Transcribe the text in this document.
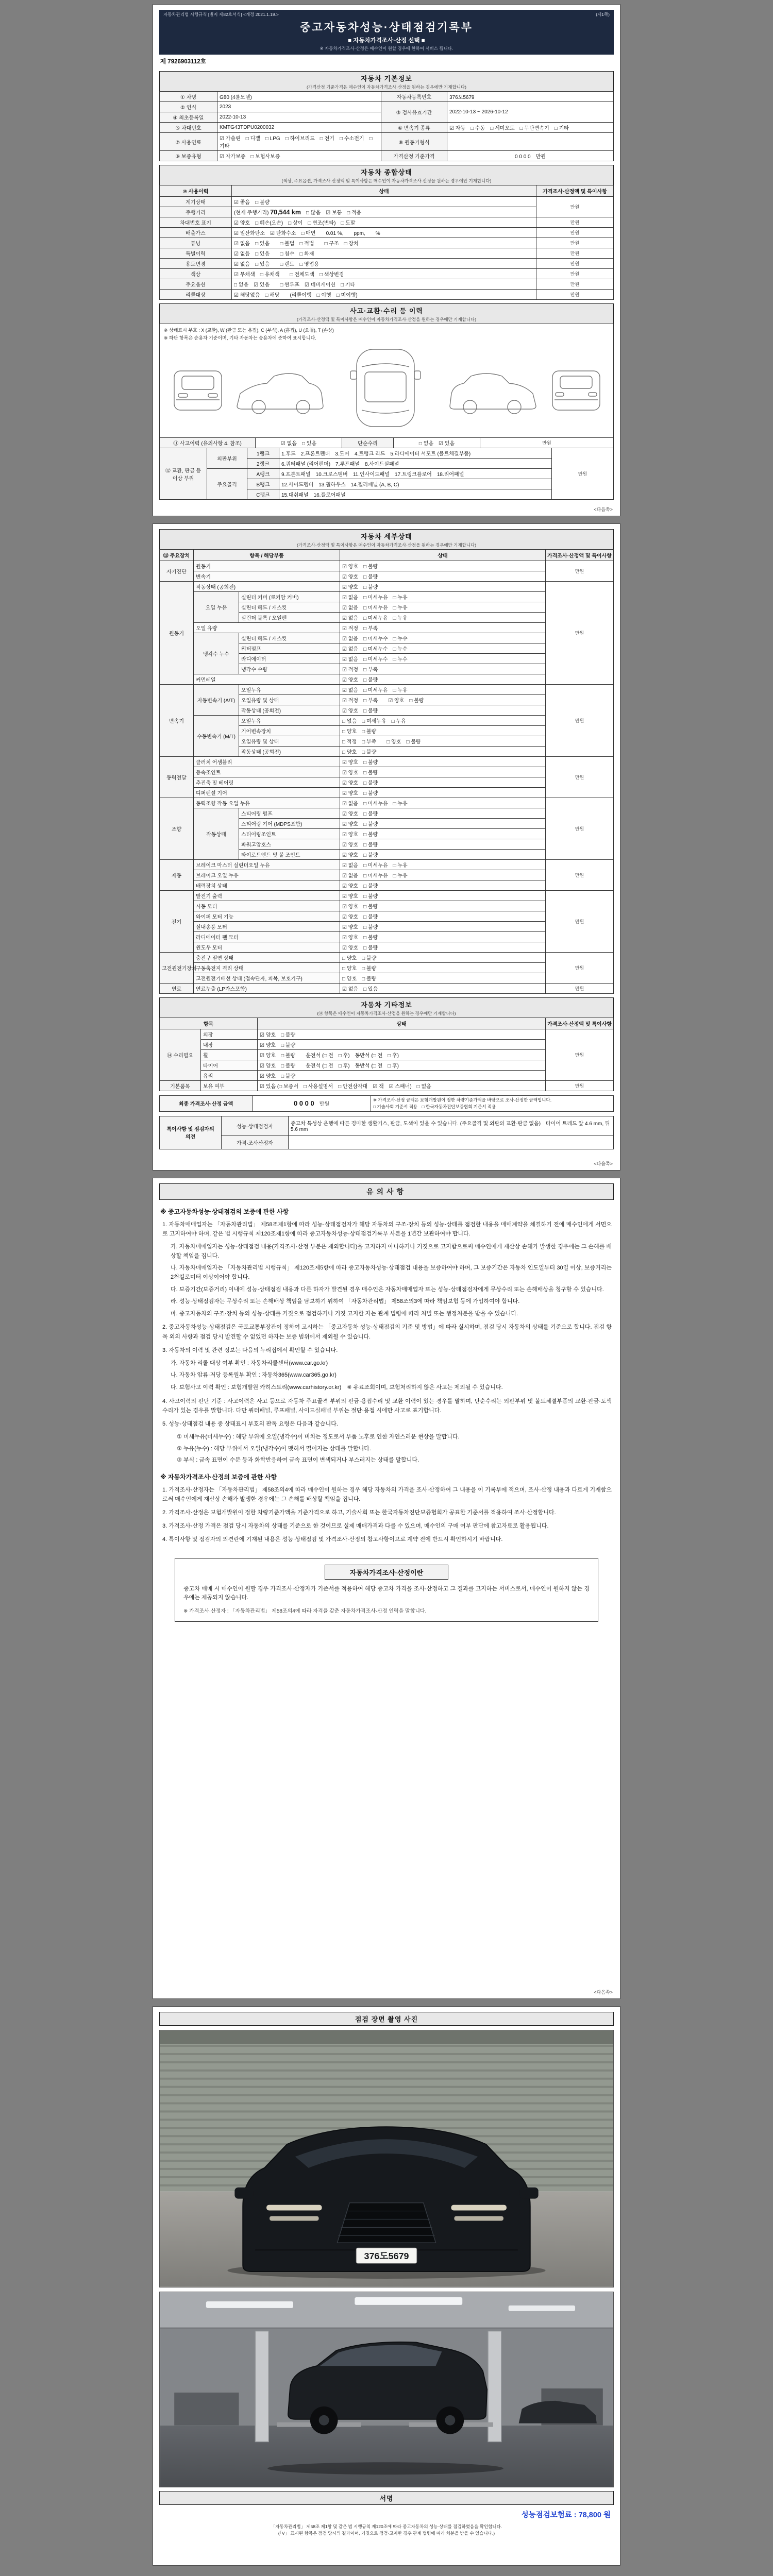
자동차관리법 시행규칙 [별지 제82호서식] <개정 2021.1.19.>	(제1쪽)
중고자동차성능·상태점검기록부
■ 자동차가격조사·산정 선택 ■
※ 자동차가격조사·산정은 매수인이 원할 경우에 한하여 서비스 됩니다.
제 7926903112호
자동차 기본정보
(가격산정 기준가격은 매수인이 자동차가격조사·산정을 원하는 경우에만 기재합니다)
① 차명	G80 (4륜모델)	자동차등록번호	376도5679
② 연식	2023	③ 검사유효기간	2022-10-13 ~ 2026-10-12
④ 최초등록일	2022-10-13		
⑤ 차대번호	KMTG43TDPU0200032	⑥ 변속기 종류	☑ 자동　□ 수동　□ 세미오토　□ 무단변속기　□ 기타
⑦ 사용연료	☑ 가솔린　□ 디젤　□ LPG　□ 하이브리드　□ 전기　□ 수소전기　□ 기타	⑧ 원동기형식	
⑨ 보증유형	☑ 자가보증　□ 보험사보증	가격산정 기준가격	0 0 0 0　 만원
자동차 종합상태
(색상, 주요옵션, 가격조사·산정액 및 특이사항은 매수인이 자동차가격조사·산정을 원하는 경우에만 기재합니다)
⑩ 사용이력	상태	가격조사·산정액 및 특이사항
계기상태	☑ 좋음　□ 불량	만원
주행거리	(현재 주행거리) 70,544 km　 □ 많음　☑ 보통　□ 적음	
차대번호 표기	☑ 양호　□ 훼손(오손)　□ 상이　□ 변조(변타)　□ 도말	만원
배출가스	☑ 일산화탄소　☑ 탄화수소　□ 매연　　0.01 %,　　ppm,　　%	만원
튜닝	☑ 없음　□ 있음　　□ 불법　□ 적법　　□ 구조　□ 장치	만원
특별이력	☑ 없음　□ 있음　　□ 침수　□ 화재	만원
용도변경	☑ 없음　□ 있음　　□ 렌트　□ 영업용	만원
색상	☑ 무채색　□ 유채색　　□ 전체도색　□ 색상변경	만원
주요옵션	□ 없음　☑ 있음　　□ 썬루프　☑ 네비게이션　□ 기타	만원
리콜대상	☑ 해당없음　□ 해당　　(리콜이행　□ 이행　□ 미이행)	만원
사고·교환·수리 등 이력
(가격조사·산정액 및 특이사항은 매수인이 자동차가격조사·산정을 원하는 경우에만 기재합니다)

※ 상태표시 부호 : X (교환), W (판금 또는 용접), C (부식), A (흠집), U (요철), T (손상)

※ 하단 항목은 승용차 기준이며, 기타 자동차는 승용차에 준하여 표시합니다.

⑪ 사고이력 (유의사항 4. 참조)	☑ 없음　□ 있음	단순수리	□ 없음　☑ 있음	만원
⑫ 교환, 판금 등 이상 부위	외판부위	1랭크	1.후드　2.프론트펜더　3.도어　4.트렁크 리드　5.라디에이터 서포트 (볼트체결부품)	만원
		2랭크	6.쿼터패널 (리어펜더)　7.루프패널　8.사이드실패널	
	주요골격	A랭크	9.프론트패널　10.크로스멤버　11.인사이드패널　17.트렁크플로어　18.리어패널	
		B랭크	12.사이드멤버　13.휠하우스　14.필러패널 (A, B, C)	
		C랭크	15.대쉬패널　16.플로어패널	
<다음쪽>
자동차 세부상태
(가격조사·산정액 및 특이사항은 매수인이 자동차가격조사·산정을 원하는 경우에만 기재합니다)
⑬ 주요장치	항목 / 해당부품		상태	가격조사·산정액 및 특이사항
자기진단	원동기		☑ 양호　□ 불량	만원
	변속기		☑ 양호　□ 불량	
원동기	작동상태 (공회전)		☑ 양호　□ 불량	만원
	오일 누유	실린더 커버 (로커암 커버)	☑ 없음　□ 미세누유　□ 누유	
		실린더 헤드 / 개스킷	☑ 없음　□ 미세누유　□ 누유	
		실린더 블록 / 오일팬	☑ 없음　□ 미세누유　□ 누유	
	오일 유량		☑ 적정　□ 부족	
	냉각수 누수	실린더 헤드 / 개스킷	☑ 없음　□ 미세누수　□ 누수	
		워터펌프	☑ 없음　□ 미세누수　□ 누수	
		라디에이터	☑ 없음　□ 미세누수　□ 누수	
		냉각수 수량	☑ 적정　□ 부족	
	커먼레일		☑ 양호　□ 불량	
변속기	자동변속기 (A/T)	오일누유	☑ 없음　□ 미세누유　□ 누유	만원
		오일유량 및 상태	☑ 적정　□ 부족　　☑ 양호　□ 불량	
		작동상태 (공회전)	☑ 양호　□ 불량	
	수동변속기 (M/T)	오일누유	□ 없음　□ 미세누유　□ 누유	
		기어변속장치	□ 양호　□ 불량	
		오일유량 및 상태	□ 적정　□ 부족　　□ 양호　□ 불량	
		작동상태 (공회전)	□ 양호　□ 불량	
동력전달	클러치 어셈블리		☑ 양호　□ 불량	만원
	등속조인트		☑ 양호　□ 불량	
	추진축 및 베어링		☑ 양호　□ 불량	
	디퍼렌셜 기어		☑ 양호　□ 불량	
조향	동력조향 작동 오일 누유		☑ 없음　□ 미세누유　□ 누유	만원
	작동상태	스티어링 펌프	☑ 양호　□ 불량	
		스티어링 기어 (MDPS포함)	☑ 양호　□ 불량	
		스티어링조인트	☑ 양호　□ 불량	
		파워고압호스	☑ 양호　□ 불량	
		타이로드엔드 및 볼 조인트	☑ 양호　□ 불량	
제동	브레이크 마스터 실린더오일 누유		☑ 없음　□ 미세누유　□ 누유	만원
	브레이크 오일 누유		☑ 없음　□ 미세누유　□ 누유	
	배력장치 상태		☑ 양호　□ 불량	
전기	발전기 출력		☑ 양호　□ 불량	만원
	시동 모터		☑ 양호　□ 불량	
	와이퍼 모터 기능		☑ 양호　□ 불량	
	실내송풍 모터		☑ 양호　□ 불량	
	라디에이터 팬 모터		☑ 양호　□ 불량	
	윈도우 모터		☑ 양호　□ 불량	
고전원전기장치	충전구 절연 상태		□ 양호　□ 불량	만원
	구동축전지 격리 상태		□ 양호　□ 불량	
	고전원전기배선 상태 (접속단자, 피복, 보호기구)		□ 양호　□ 불량	
연료	연료누출 (LP가스포함)		☑ 없음　□ 있음	만원
자동차 기타정보
(⑭ 항목은 매수인이 자동차가격조사·산정을 원하는 경우에만 기재합니다)
항목		상태	가격조사·산정액 및 특이사항
⑭ 수리필요	외장	☑ 양호　□ 불량	만원
	내장	☑ 양호　□ 불량	
	휠	☑ 양호　□ 불량　　운전석 (□ 전　□ 후)　동반석 (□ 전　□ 후)	
	타이어	☑ 양호　□ 불량　　운전석 (□ 전　□ 후)　동반석 (□ 전　□ 후)	
	유리	☑ 양호　□ 불량	
기본품목	보유 여부	☑ 있음 (□ 보증서　□ 사용설명서　□ 안전삼각대　☑ 잭　☑ 스패너)　□ 없음	만원
최종 가격조사·산정 금액	0 0 0 0　 만원	
※ 가격조사·산정 금액은 보험개발원이 정한 차량기준가액을 바탕으로 조사·산정한 금액입니다.
□ 기술사회 기준서 적용　□ 한국자동차진단보증협회 기준서 적용
특이사항 및 점검자의 의견	성능·상태점검자	중고차 특성상 운행에 따른 경미한 생활기스, 판금, 도색이 있을 수 있습니다. (주요골격 및 외판의 교환·판금 없음)　타이어 트레드 앞 4.6 mm, 뒤 5.6 mm
	가격·조사산정자	
<다음쪽>
유의사항

※ 중고자동차성능·상태점검의 보증에 관한 사항

1. 자동차매매업자는 「자동차관리법」 제58조제1항에 따라 성능·상태점검자가 해당 자동차의 구조·장치 등의 성능·상태를 점검한 내용을 매매계약을 체결하기 전에 매수인에게 서면으로 고지하여야 하며, 같은 법 시행규칙 제120조제1항에 따라 중고자동차성능·상태점검기록부 사본을 1년간 보관하여야 합니다.

가. 자동차매매업자는 성능·상태점검 내용(가격조사·산정 부분은 제외합니다)을 고지하지 아니하거나 거짓으로 고지함으로써 매수인에게 재산상 손해가 발생한 경우에는 그 손해를 배상할 책임을 집니다.

나. 자동차매매업자는 「자동차관리법 시행규칙」 제120조제5항에 따라 중고자동차성능·상태점검 내용을 보증하여야 하며, 그 보증기간은 자동차 인도일부터 30일 이상, 보증거리는 2천킬로미터 이상이어야 합니다.

다. 보증기간(보증거리) 이내에 성능·상태점검 내용과 다른 하자가 발견된 경우 매수인은 자동차매매업자 또는 성능·상태점검자에게 무상수리 또는 손해배상을 청구할 수 있습니다.

라. 성능·상태점검자는 무상수리 또는 손해배상 책임을 담보하기 위하여 「자동차관리법」 제58조의3에 따라 책임보험 등에 가입하여야 합니다.

마. 중고자동차의 구조·장치 등의 성능·상태를 거짓으로 점검하거나 거짓 고지한 자는 관계 법령에 따라 처벌 또는 행정처분을 받을 수 있습니다.

2. 중고자동차성능·상태점검은 국토교통부장관이 정하여 고시하는 「중고자동차 성능·상태점검의 기준 및 방법」에 따라 실시하며, 점검 당시 자동차의 상태를 기준으로 합니다. 점검 항목 외의 사항과 점검 당시 발견할 수 없었던 하자는 보증 범위에서 제외될 수 있습니다.

3. 자동차의 이력 및 관련 정보는 다음의 누리집에서 확인할 수 있습니다.

가. 자동차 리콜 대상 여부 확인 : 자동차리콜센터(www.car.go.kr)

나. 자동차 압류·저당 등록원부 확인 : 자동차365(www.car365.go.kr)

다. 보험사고 이력 확인 : 보험개발원 카히스토리(www.carhistory.or.kr)　※ 유료조회이며, 보험처리하지 않은 사고는 제외될 수 있습니다.

4. 사고이력의 판단 기준 : 사고이력은 사고 등으로 자동차 주요골격 부위의 판금·용접수리 및 교환 이력이 있는 경우를 말하며, 단순수리는 외판부위 및 볼트체결부품의 교환·판금·도색 수리가 있는 경우를 말합니다. 다만 쿼터패널, 루프패널, 사이드실패널 부위는 절단·용접 시에만 사고로 표기합니다.

5. 성능·상태점검 내용 중 상태표시 부호의 판독 요령은 다음과 같습니다.

① 미세누유(미세누수) : 해당 부위에 오일(냉각수)이 비치는 정도로서 부품 노후로 인한 자연스러운 현상을 말합니다.

② 누유(누수) : 해당 부위에서 오일(냉각수)이 맺혀서 떨어지는 상태를 말합니다.

③ 부식 : 금속 표면이 수분 등과 화학반응하여 금속 표면이 변색되거나 부스러지는 상태를 말합니다.

※ 자동차가격조사·산정의 보증에 관한 사항

1. 가격조사·산정자는 「자동차관리법」 제58조의4에 따라 매수인이 원하는 경우 해당 자동차의 가격을 조사·산정하여 그 내용을 이 기록부에 적으며, 조사·산정 내용과 다르게 기재함으로써 매수인에게 재산상 손해가 발생한 경우에는 그 손해를 배상할 책임을 집니다.

2. 가격조사·산정은 보험개발원이 정한 차량기준가액을 기준가격으로 하고, 기술사회 또는 한국자동차진단보증협회가 공표한 기준서를 적용하여 조사·산정합니다.

3. 가격조사·산정 가격은 점검 당시 자동차의 상태를 기준으로 한 것이므로 실제 매매가격과 다를 수 있으며, 매수인의 구매 여부 판단에 참고자료로 활용됩니다.

4. 특이사항 및 점검자의 의견란에 기재된 내용은 성능·상태점검 및 가격조사·산정의 참고사항이므로 계약 전에 반드시 확인하시기 바랍니다.

자동차가격조사·산정이란

중고차 매매 시 매수인이 원할 경우 가격조사·산정자가 기준서를 적용하여 해당 중고차 가격을 조사·산정하고 그 결과를 고지하는 서비스로서, 매수인이 원하지 않는 경우에는 제공되지 않습니다.

※ 가격조사·산정자 : 「자동차관리법」 제58조의4에 따라 자격을 갖춘 자동차가격조사·산정 인력을 말합니다.

<다음쪽>
점검 장면 촬영 사진
376도5679
서명
성능점검보험료 : 78,800 원
「자동차관리법」 제58조 제1항 및 같은 법 시행규칙 제120조에 따라 중고자동차의 성능·상태를 점검하였음을 확인합니다.
(「V」 표시된 항목은 점검 당시의 결과이며, 거짓으로 점검·고지한 경우 관계 법령에 따라 처분을 받을 수 있습니다.)
